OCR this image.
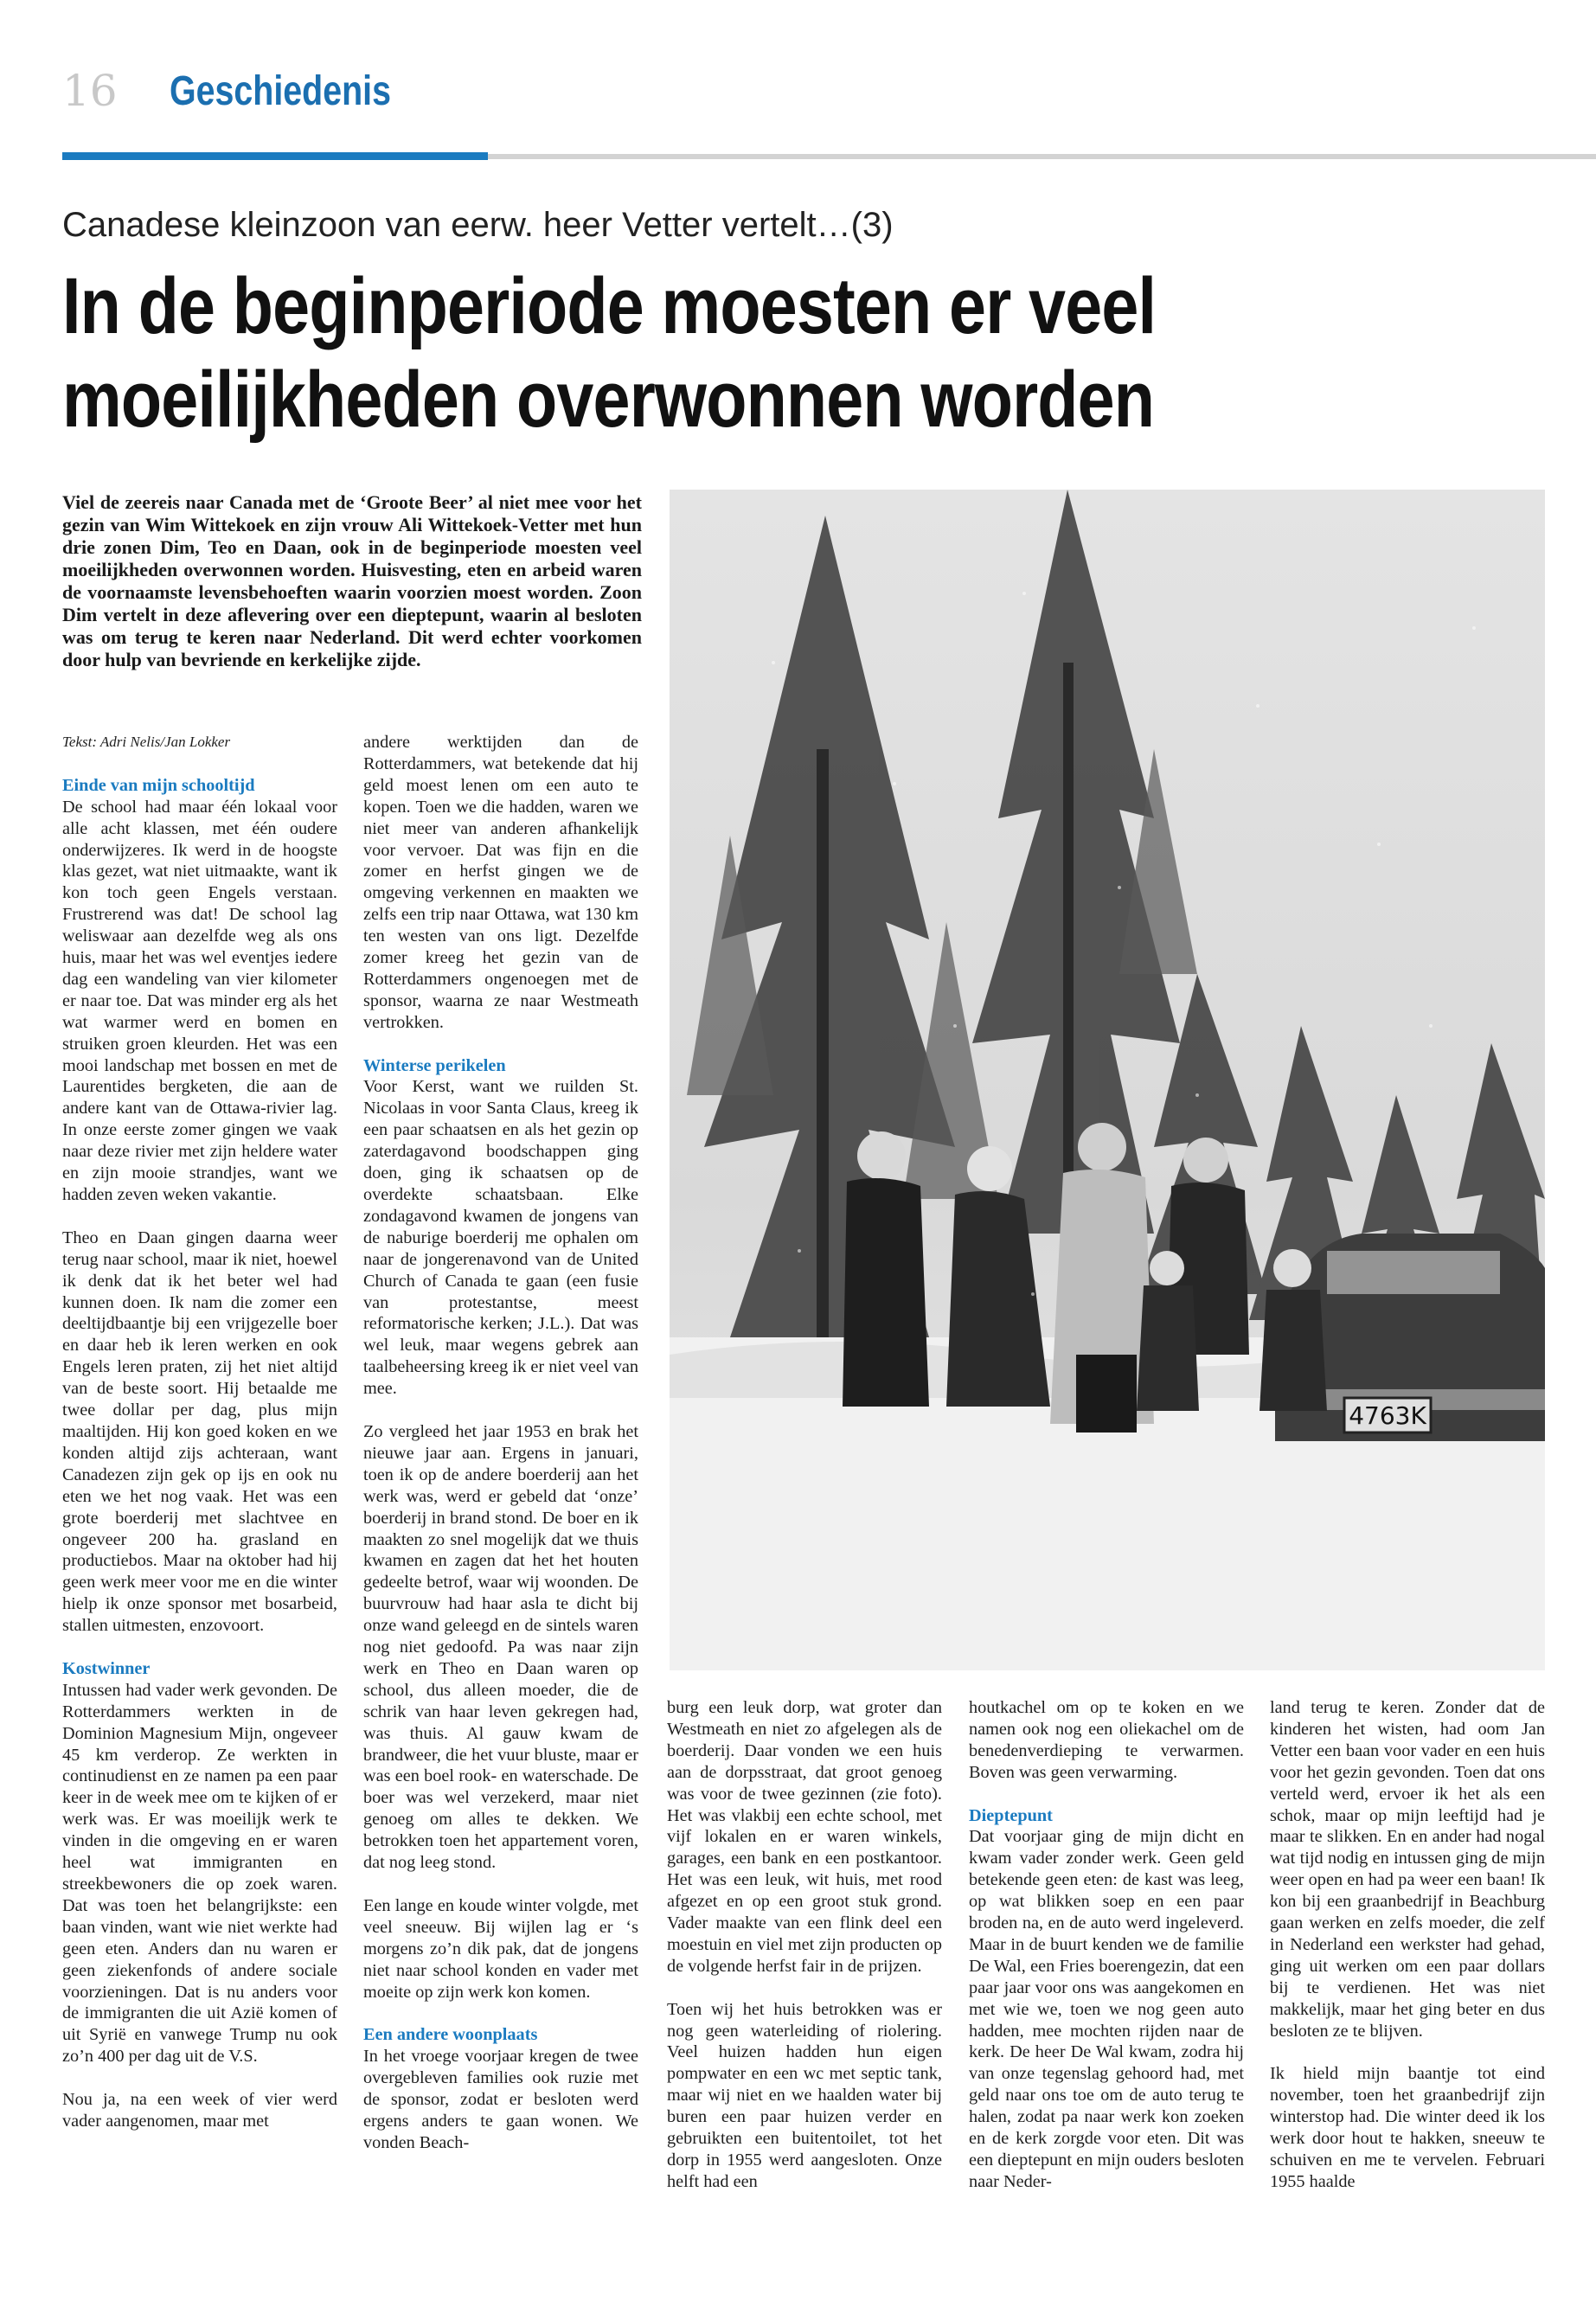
16 Geschiedenis
Canadese kleinzoon van eerw. heer Vetter vertelt…(3)
In de beginperiode moesten er veel moeilijkheden overwonnen worden
Viel de zeereis naar Canada met de ‘Groote Beer’ al niet mee voor het gezin van Wim Wittekoek en zijn vrouw Ali Wittekoek-Vetter met hun drie zonen Dim, Teo en Daan, ook in de beginperiode moesten veel moeilijkheden overwonnen worden. Huisvesting, eten en arbeid waren de voornaamste levensbehoeften waarin voorzien moest worden. Zoon Dim vertelt in deze aflevering over een dieptepunt, waarin al besloten was om terug te keren naar Nederland. Dit werd echter voorkomen door hulp van bevriende en kerkelijke zijde.
4763K
Tekst: Adri Nelis/Jan Lokker
Einde van mijn schooltijd

De school had maar één lokaal voor alle acht klassen, met één oudere onderwijzeres. Ik werd in de hoogste klas gezet, wat niet uitmaakte, want ik kon toch geen Engels verstaan. Frustrerend was dat! De school lag weliswaar aan dezelfde weg als ons huis, maar het was wel eventjes iedere dag een wandeling van vier kilometer er naar toe. Dat was minder erg als het wat warmer werd en bomen en struiken groen kleurden. Het was een mooi landschap met bossen en met de Laurentides bergketen, die aan de andere kant van de Ottawa-rivier lag. In onze eerste zomer gingen we vaak naar deze rivier met zijn heldere water en zijn mooie strandjes, want we hadden zeven weken vakantie.

Theo en Daan gingen daarna weer terug naar school, maar ik niet, hoewel ik denk dat ik het beter wel had kunnen doen. Ik nam die zomer een deeltijdbaantje bij een vrijgezelle boer en daar heb ik leren werken en ook Engels leren praten, zij het niet altijd van de beste soort. Hij betaalde me twee dollar per dag, plus mijn maaltijden. Hij kon goed koken en we konden altijd zijs achteraan, want Canadezen zijn gek op ijs en ook nu eten we het nog vaak. Het was een grote boerderij met slachtvee en ongeveer 200 ha. grasland en productiebos. Maar na oktober had hij geen werk meer voor me en die winter hielp ik onze sponsor met bosarbeid, stallen uitmesten, enzovoort.

Kostwinner

Intussen had vader werk gevonden. De Rotterdammers werkten in de Dominion Magnesium Mijn, ongeveer 45 km verderop. Ze werkten in continudienst en ze namen pa een paar keer in de week mee om te kijken of er werk was. Er was moeilijk werk te vinden in die omgeving en er waren heel wat immigranten en streekbewoners die op zoek waren. Dat was toen het belangrijkste: een baan vinden, want wie niet werkte had geen eten. Anders dan nu waren er geen ziekenfonds of andere sociale voorzieningen. Dat is nu anders voor de immigranten die uit Azië komen of uit Syrië en vanwege Trump nu ook zo’n 400 per dag uit de V.S.

Nou ja, na een week of vier werd vader aangenomen, maar met

andere werktijden dan de Rotterdammers, wat betekende dat hij geld moest lenen om een auto te kopen. Toen we die hadden, waren we niet meer van anderen afhankelijk voor vervoer. Dat was fijn en die zomer en herfst gingen we de omgeving verkennen en maakten we zelfs een trip naar Ottawa, wat 130 km ten westen van ons ligt. Dezelfde zomer kreeg het gezin van de Rotterdammers ongenoegen met de sponsor, waarna ze naar Westmeath vertrokken.

Winterse perikelen

Voor Kerst, want we ruilden St. Nicolaas in voor Santa Claus, kreeg ik een paar schaatsen en als het gezin op zaterdagavond boodschappen ging doen, ging ik schaatsen op de overdekte schaatsbaan. Elke zondagavond kwamen de jongens van de naburige boerderij me ophalen om naar de jongerenavond van de United Church of Canada te gaan (een fusie van protestantse, meest reformatorische kerken; J.L.). Dat was wel leuk, maar wegens gebrek aan taalbeheersing kreeg ik er niet veel van mee.

Zo vergleed het jaar 1953 en brak het nieuwe jaar aan. Ergens in januari, toen ik op de andere boerderij aan het werk was, werd er gebeld dat ‘onze’ boerderij in brand stond. De boer en ik maakten zo snel mogelijk dat we thuis kwamen en zagen dat het het houten gedeelte betrof, waar wij woonden. De buurvrouw had haar asla te dicht bij onze wand geleegd en de sintels waren nog niet gedoofd. Pa was naar zijn werk en Theo en Daan waren op school, dus alleen moeder, die de schrik van haar leven gekregen had, was thuis. Al gauw kwam de brandweer, die het vuur bluste, maar er was een boel rook- en waterschade. De boer was wel verzekerd, maar niet genoeg om alles te dekken. We betrokken toen het appartement voren, dat nog leeg stond.

Een lange en koude winter volgde, met veel sneeuw. Bij wijlen lag er ‘s morgens zo’n dik pak, dat de jongens niet naar school konden en vader met moeite op zijn werk kon komen.

Een andere woonplaats

In het vroege voorjaar kregen de twee overgebleven families ook ruzie met de sponsor, zodat er besloten werd ergens anders te gaan wonen. We vonden Beach-

burg een leuk dorp, wat groter dan Westmeath en niet zo afgelegen als de boerderij. Daar vonden we een huis aan de dorpsstraat, dat groot genoeg was voor de twee gezinnen (zie foto). Het was vlakbij een echte school, met vijf lokalen en er waren winkels, garages, een bank en een postkantoor. Het was een leuk, wit huis, met rood afgezet en op een groot stuk grond. Vader maakte van een flink deel een moestuin en viel met zijn producten op de volgende herfst fair in de prijzen.

Toen wij het huis betrokken was er nog geen waterleiding of riolering. Veel huizen hadden hun eigen pompwater en een wc met septic tank, maar wij niet en we haalden water bij buren een paar huizen verder en gebruikten een buitentoilet, tot het dorp in 1955 werd aangesloten. Onze helft had een

houtkachel om op te koken en we namen ook nog een oliekachel om de benedenverdieping te verwarmen. Boven was geen verwarming.

Dieptepunt

Dat voorjaar ging de mijn dicht en kwam vader zonder werk. Geen geld betekende geen eten: de kast was leeg, op wat blikken soep en een paar broden na, en de auto werd ingeleverd. Maar in de buurt kenden we de familie De Wal, een Fries boerengezin, dat een paar jaar voor ons was aangekomen en met wie we, toen we nog geen auto hadden, mee mochten rijden naar de kerk. De heer De Wal kwam, zodra hij van onze tegenslag gehoord had, met geld naar ons toe om de auto terug te halen, zodat pa naar werk kon zoeken en de kerk zorgde voor eten. Dit was een dieptepunt en mijn ouders besloten naar Neder-

land terug te keren. Zonder dat de kinderen het wisten, had oom Jan Vetter een baan voor vader en een huis voor het gezin gevonden. Toen dat ons verteld werd, ervoer ik het als een schok, maar op mijn leeftijd had je maar te slikken. En en ander had nogal wat tijd nodig en intussen ging de mijn weer open en had pa weer een baan! Ik kon bij een graanbedrijf in Beachburg gaan werken en zelfs moeder, die zelf in Nederland een werkster had gehad, ging uit werken om een paar dollars bij te verdienen. Het was niet makkelijk, maar het ging beter en dus besloten ze te blijven.

Ik hield mijn baantje tot eind november, toen het graanbedrijf zijn winterstop had. Die winter deed ik los werk door hout te hakken, sneeuw te schuiven en me te vervelen. Februari 1955 haalde
